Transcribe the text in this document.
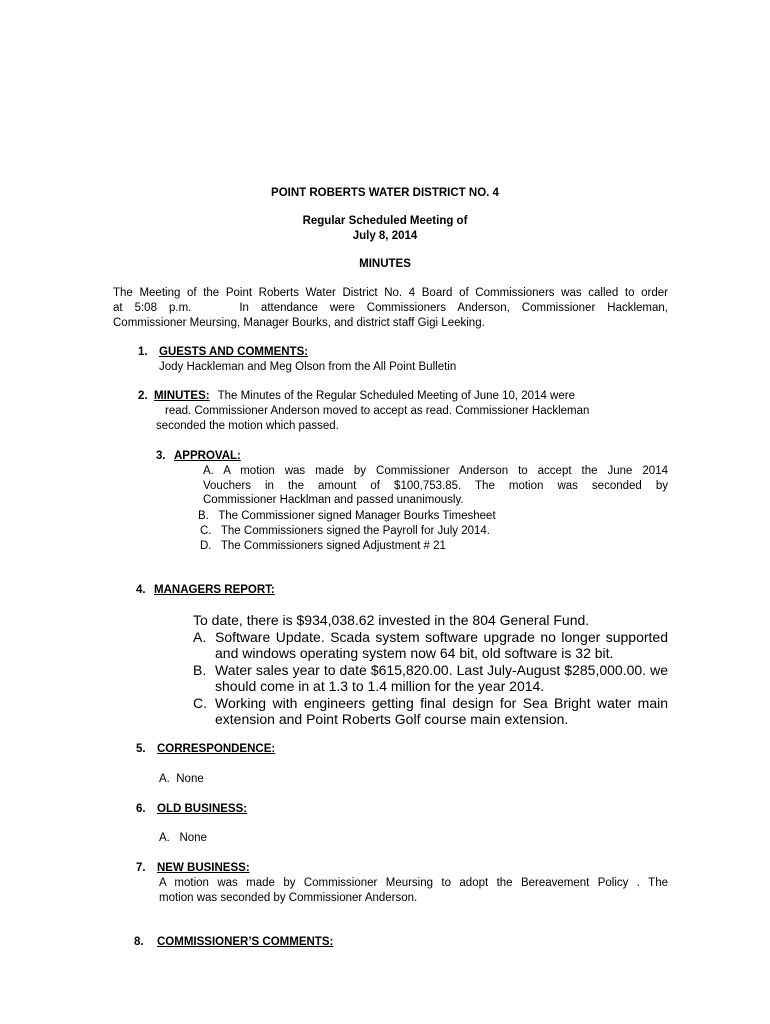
POINT ROBERTS WATER DISTRICT NO. 4
Regular Scheduled Meeting of
July 8, 2014
MINUTES
The Meeting of the Point Roberts Water District No. 4 Board of Commissioners was called to order
at 5:08 p.m.    In attendance were Commissioners Anderson, Commissioner Hackleman,
Commissioner Meursing, Manager Bourks, and district staff Gigi Leeking.
1. GUESTS AND COMMENTS:
Jody Hackleman and Meg Olson from the All Point Bulletin
2. MINUTES: The Minutes of the Regular Scheduled Meeting of June 10, 2014 were
read. Commissioner Anderson moved to accept as read. Commissioner Hackleman
seconded the motion which passed.
3. APPROVAL:
A. A motion was made by Commissioner Anderson to accept the June 2014
Vouchers in the amount of $100,753.85. The motion was seconded by
Commissioner Hacklman and passed unanimously.
B.   The Commissioner signed Manager Bourks Timesheet
C.   The Commissioners signed the Payroll for July 2014.
D.   The Commissioners signed Adjustment # 21
4. MANAGERS REPORT:
To date, there is $934,038.62 invested in the 804 General Fund.
A. Software Update. Scada system software upgrade no longer supported
and windows operating system now 64 bit, old software is 32 bit.
B. Water sales year to date $615,820.00. Last July-August $285,000.00. we
should come in at 1.3 to 1.4 million for the year 2014.
C. Working with engineers getting final design for Sea Bright water main
extension and Point Roberts Golf course main extension.
5. CORRESPONDENCE:
A.  None
6. OLD BUSINESS:
A.   None
7. NEW BUSINESS:
A motion was made by Commissioner Meursing to adopt the Bereavement Policy . The
motion was seconded by Commissioner Anderson.
8. COMMISSIONER’S COMMENTS:
